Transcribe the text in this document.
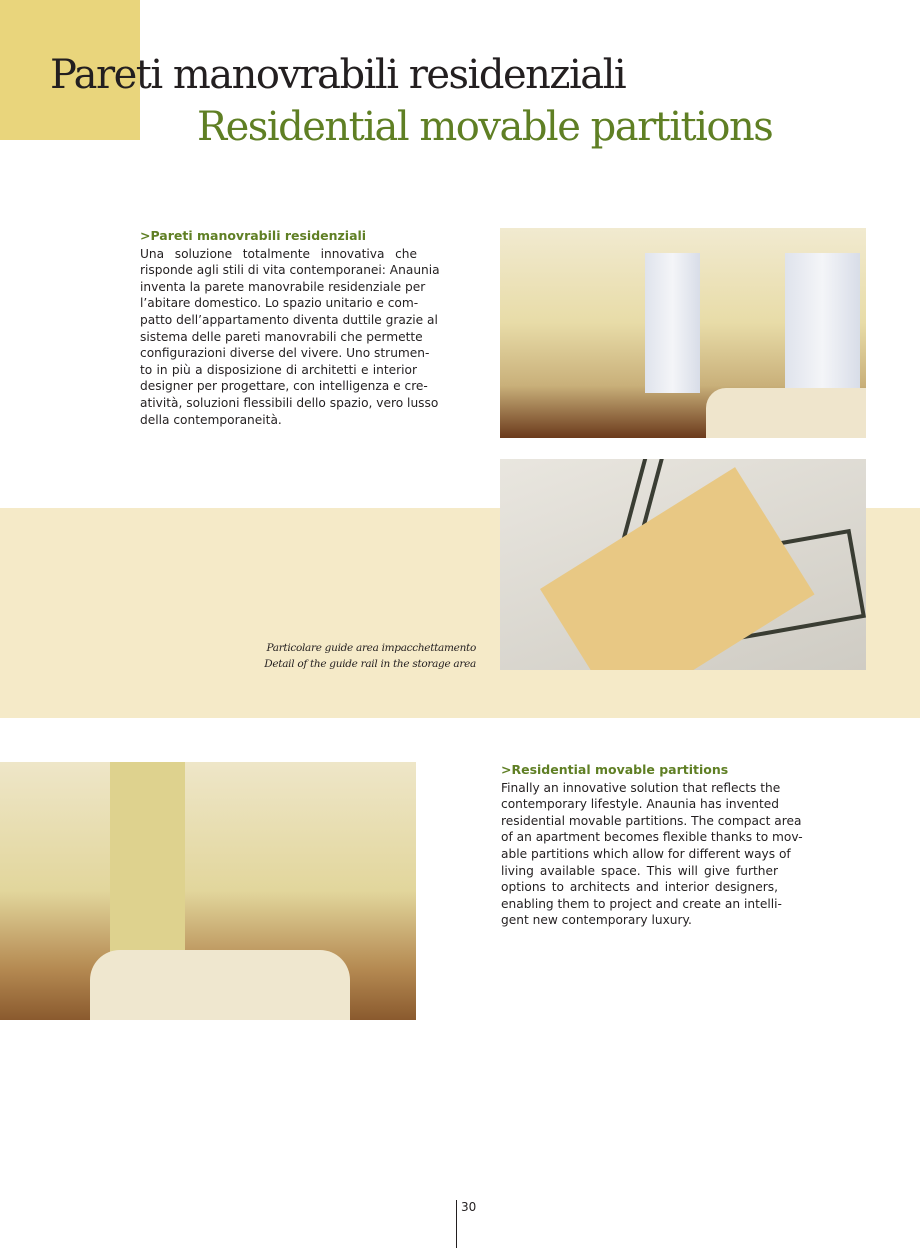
Pareti manovrabili residenziali
Residential movable partitions
>Pareti manovrabili residenziali
Una soluzione totalmente innovativa che
risponde agli stili di vita contemporanei: Anaunia
inventa la parete manovrabile residenziale per
l’abitare domestico. Lo spazio unitario e com-
patto dell’appartamento diventa duttile grazie al
sistema delle pareti manovrabili che permette
configurazioni diverse del vivere. Uno strumen-
to in più a disposizione di architetti e interior
designer per progettare, con intelligenza e cre-
atività, soluzioni flessibili dello spazio, vero lusso
della contemporaneità.
Particolare guide area impacchettamento
Detail of the guide rail in the storage area
>Residential movable partitions
Finally an innovative solution that reflects the
contemporary lifestyle. Anaunia has invented
residential movable partitions. The compact area
of an apartment becomes flexible thanks to mov-
able partitions which allow for different ways of
living available space. This will give further
options to architects and interior designers,
enabling them to project and create an intelli-
gent new contemporary luxury.
30
